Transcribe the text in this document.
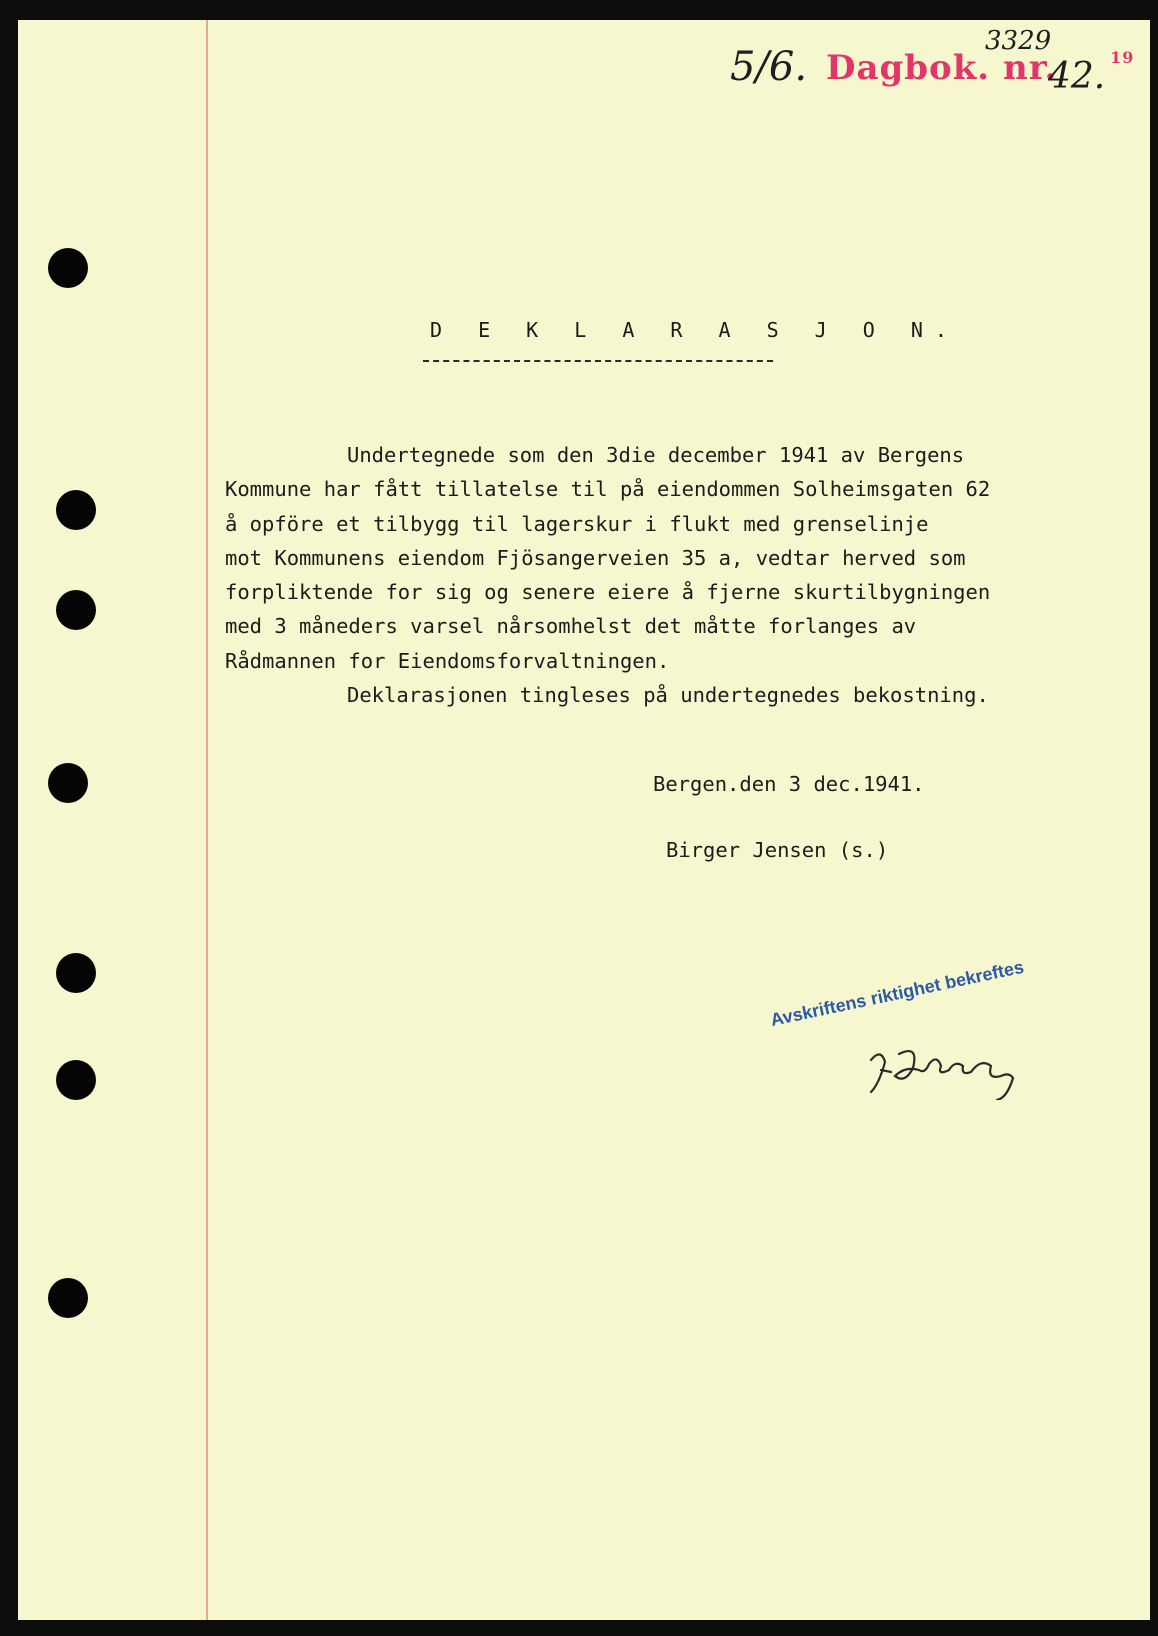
5/6. Dagbok. nr.	$^{19}$
3329
42.
D E K L A R A S J O N.
Undertegnede som den 3die december 1941 av Bergens
Kommune har fått tillatelse til på eiendommen Solheimsgaten 62
å opföre et tilbygg til lagerskur i flukt med grenselinje
mot Kommunens eiendom Fjösangerveien 35 a, vedtar herved som
forpliktende for sig og senere eiere å fjerne skurtilbygningen
med 3 måneders varsel nårsomhelst det måtte forlanges av
Rådmannen for Eiendomsforvaltningen.
Deklarasjonen tingleses på undertegnedes bekostning.
Bergen.den 3 dec.1941.
Birger Jensen (s.)
Avskriftens riktighet bekreftes
